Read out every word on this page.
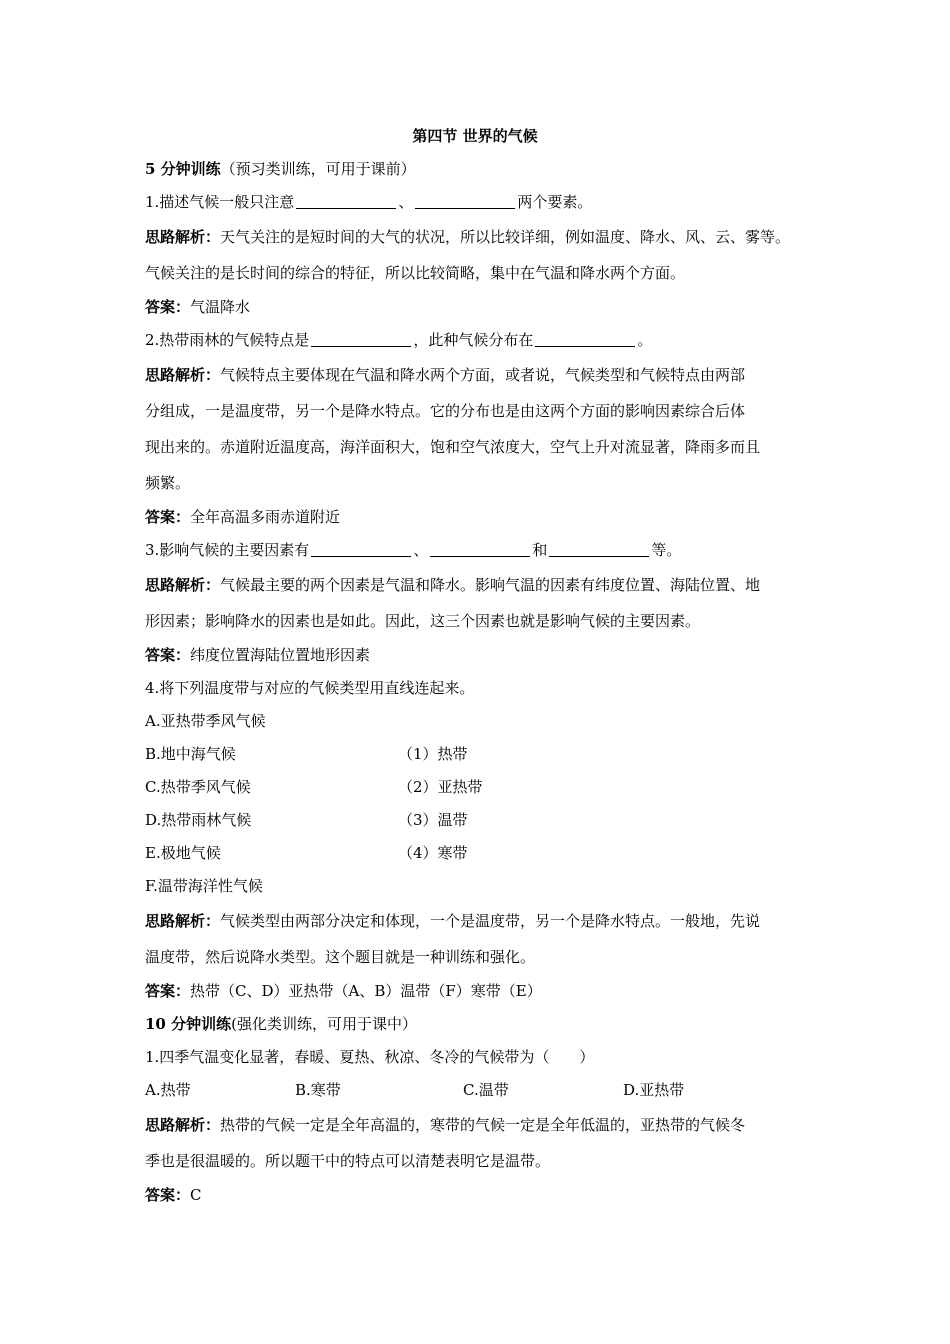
第四节 世界的气候
5 分钟训练（预习类训练，可用于课前）
1.描述气候一般只注意	、	两个要素。
思路解析：天气关注的是短时间的大气的状况，所以比较详细，例如温度、降水、风、云、雾等。
气候关注的是长时间的综合的特征，所以比较简略，集中在气温和降水两个方面。
答案：气温降水
2.热带雨林的气候特点是	，此种气候分布在	。
思路解析：气候特点主要体现在气温和降水两个方面，或者说，气候类型和气候特点由两部
分组成，一是温度带，另一个是降水特点。它的分布也是由这两个方面的影响因素综合后体
现出来的。赤道附近温度高，海洋面积大，饱和空气浓度大，空气上升对流显著，降雨多而且
频繁。
答案：全年高温多雨赤道附近
3.影响气候的主要因素有	、	和	等。
思路解析：气候最主要的两个因素是气温和降水。影响气温的因素有纬度位置、海陆位置、地
形因素；影响降水的因素也是如此。因此，这三个因素也就是影响气候的主要因素。
答案：纬度位置海陆位置地形因素
4.将下列温度带与对应的气候类型用直线连起来。
A.亚热带季风气候
B.地中海气候	（1）热带
C.热带季风气候	（2）亚热带
D.热带雨林气候	（3）温带
E.极地气候	（4）寒带
F.温带海洋性气候
思路解析：气候类型由两部分决定和体现，一个是温度带，另一个是降水特点。一般地，先说
温度带，然后说降水类型。这个题目就是一种训练和强化。
答案：热带（C、D）亚热带（A、B）温带（F）寒带（E）
10 分钟训练(强化类训练，可用于课中）
1.四季气温变化显著，春暖、夏热、秋凉、冬冷的气候带为（　　）
A.热带	B.寒带	C.温带	D.亚热带
思路解析：热带的气候一定是全年高温的，寒带的气候一定是全年低温的，亚热带的气候冬
季也是很温暖的。所以题干中的特点可以清楚表明它是温带。
答案：C
